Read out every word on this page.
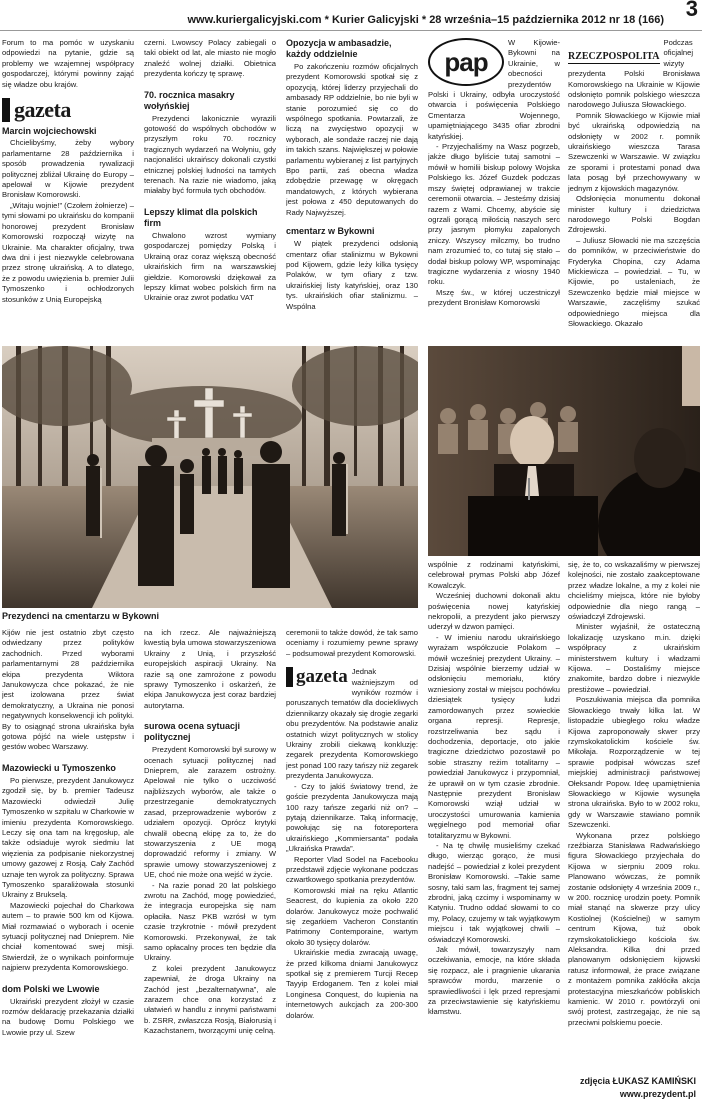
www.kuriergalicyjski.com * Kurier Galicyjski * 28 września–15 października 2012 nr 18 (166) 3

Forum to ma pomóc w uzyskaniu odpowiedzi na pytanie, gdzie są problemy we wzajemnej współpracy gospodarczej, którymi powinny zająć się władze obu krajów.

gazeta
Marcin wojciechowski

Chcielibyśmy, żeby wybory parlamentarne 28 października i sposób prowadzenia rywalizacji politycznej zbliżał Ukrainę do Europy – apelował w Kijowie prezydent Bronisław Komorowski.

„Witaju wojnie!” (Czołem żołnierze) – tymi słowami po ukraińsku do kompanii honorowej prezydent Bronisław Komorowski rozpoczął wizytę na Ukrainie. Ma charakter oficjalny, trwa dwa dni i jest niezwykle celebrowana przez stronę ukraińską. A to dlatego, że z powodu uwięzienia b. premier Julii Tymoszenko i ochłodzonych stosunków z Unią Europejską

czerni. Lwowscy Polacy zabiegali o taki obiekt od lat, ale miasto nie mogło znaleźć wolnej działki. Obietnica prezydenta kończy tę sprawę.

70. rocznica masakry wołyńskiej

Prezydenci lakonicznie wyrazili gotowość do wspólnych obchodów w przyszłym roku 70. rocznicy tragicznych wydarzeń na Wołyniu, gdy nacjonaliści ukraińscy dokonali czystki etnicznej polskiej ludności na tamtych terenach. Na razie nie wiadomo, jaką miałaby być formuła tych obchodów.

Lepszy klimat dla polskich firm

Chwalono wzrost wymiany gospodarczej pomiędzy Polską i Ukrainą oraz coraz większą obecność ukraińskich firm na warszawskiej giełdzie. Komorowski dziękował za lepszy klimat wobec polskich firm na Ukrainie oraz zwrot podatku VAT

Opozycja w ambasadzie, każdy oddzielnie

Po zakończeniu rozmów oficjalnych prezydent Komorowski spotkał się z opozycją, której liderzy przyjechali do ambasady RP oddzielnie, bo nie byli w stanie porozumieć się co do wspólnego spotkania. Powtarzali, że liczą na zwycięstwo opozycji w wyborach, ale sondaże raczej nie dają im takich szans. Największej w połowie parlamentu wybieranej z list partyjnych Bpo partii, zaś obecna władza zdobędzie przewagę w okręgach mandatowych, z których wybierana jest połowa z 450 deputowanych do Rady Najwyższej.

cmentarz w Bykowni

W piątek prezydenci odsłonią cmentarz ofiar stalinizmu w Bykowni pod Kijowem, gdzie leży kilka tysięcy Polaków, w tym ofiary z tzw. ukraińskiej listy katyńskiej, oraz 130 tys. ukraińskich ofiar stalinizmu. – Wspólna

pap

W Kijowie-Bykowni na Ukrainie, w obecności prezydentów Polski i Ukrainy, odbyła uroczystość otwarcia i poświęcenia Polskiego Cmentarza Wojennego, upamiętniającego 3435 ofiar zbrodni katyńskiej.

- Przyjechaliśmy na Wasz pogrzeb, jakże długo byliście tutaj samotni – mówił w homilii biskup polowy Wojska Polskiego ks. Józef Guzdek podczas mszy świętej odprawianej w trakcie ceremonii otwarcia. – Jesteśmy dzisiaj razem z Wami. Chcemy, abyście się ogrzali gorącą miłością naszych serc przy jasnym płomyku zapalonych zniczy. Wszyscy milczmy, bo trudno nam zrozumieć to, co tutaj się stało – dodał biskup polowy WP, wspominając tragiczne wydarzenia z wiosny 1940 roku.

Mszę św., w której uczestniczył prezydent Bronisław Komorowski

RZECZPOSPOLITA

Podczas oficjalnej wizyty prezydenta Polski Bronisława Komorowskiego na Ukrainie w Kijowie odsłonięto pomnik polskiego wieszcza narodowego Juliusza Słowackiego.

Pomnik Słowackiego w Kijowie miał być ukraińską odpowiedzią na odsłonięty w 2002 r. pomnik ukraińskiego wieszcza Tarasa Szewczenki w Warszawie. W związku ze sporami i protestami ponad dwa lata posąg był przechowywany w jednym z kijowskich magazynów.

Odsłonięcia monumentu dokonał minister kultury i dziedzictwa narodowego Polski Bogdan Zdrojewski.

– Juliusz Słowacki nie ma szczęścia do pomników, w przeciwieństwie do Fryderyka Chopina, czy Adama Mickiewicza – powiedział. – Tu, w Kijowie, po ustaleniach, że Szewczenko będzie miał miejsce w Warszawie, zaczęliśmy szukać odpowiedniego miejsca dla Słowackiego. Okazało

Prezydenci na cmentarzu w Bykowni

Kijów nie jest ostatnio zbyt często odwiedzany przez polityków zachodnich. Przed wyborami parlamentarnymi 28 października ekipa prezydenta Wiktora Janukowycza chce pokazać, że nie jest izolowana przez świat demokratyczny, a Ukraina nie ponosi negatywnych konsekwencji ich polityki. By to osiągnąć strona ukraińska była gotowa pójść na wiele ustępstw i gestów wobec Warszawy.

Mazowiecki u Tymoszenko

Po pierwsze, prezydent Janukowycz zgodził się, by b. premier Tadeusz Mazowiecki odwiedził Julię Tymoszenko w szpitalu w Charkowie w imieniu prezydenta Komorowskiego. Leczy się ona tam na kręgosłup, ale także odsiaduje wyrok siedmiu lat więzienia za podpisanie niekorzystnej umowy gazowej z Rosją. Cały Zachód uznaje ten wyrok za polityczny. Sprawa Tymoszenko sparaliżowała stosunki Ukrainy z Brukselą.

Mazowiecki pojechał do Charkowa autem – to prawie 500 km od Kijowa. Miał rozmawiać o wyborach i ocenie sytuacji politycznej nad Dnieprem. Nie chciał komentować swej misji. Stwierdził, że o wynikach poinformuje najpierw prezydenta Komorowskiego.

dom Polski we Lwowie

Ukraiński prezydent złożył w czasie rozmów deklarację przekazania działki na budowę Domu Polskiego we Lwowie przy ul. Szew

na ich rzecz. Ale najważniejszą kwestią była umowa stowarzyszeniowa Ukrainy z Unią, i przyszłość europejskich aspiracji Ukrainy. Na razie są one zamrożone z powodu sprawy Tymoszenko i oskarżeń, że ekipa Janukowycza jest coraz bardziej autorytarna.

surowa ocena sytuacji politycznej

Prezydent Komorowski był surowy w ocenach sytuacji politycznej nad Dnieprem, ale zarazem ostrożny. Apelował nie tylko o uczciwość najbliższych wyborów, ale także o przestrzeganie demokratycznych zasad, przeprowadzenie wyborów z udziałem opozycji. Oprócz krytyki chwalił obecną ekipę za to, że do stowarzyszenia z UE mogą doprowadzić reformy i zmiany. W sprawie umowy stowarzyszeniowej z UE, choć nie może ona wejść w życie.

- Na razie ponad 20 lat polskiego zwrotu na Zachód, mogę powiedzieć, że integracja europejska się nam opłaciła. Nasz PKB wzrósł w tym czasie trzykrotnie - mówił prezydent Komorowski. Przekonywał, że tak samo opłacalny proces ten będzie dla Ukrainy.

Z kolei prezydent Janukowycz zapewniał, że droga Ukrainy na Zachód jest „bezalternatywna”, ale zarazem chce ona korzystać z ułatwień w handlu z innymi państwami b. ZSRR, zwłaszcza Rosją, Białorusią i Kazachstanem, tworzącymi unię celną.

ceremonii to także dowód, że tak samo oceniamy i rozumiemy pewne sprawy – podsumował prezydent Komorowski.

gazeta Jednak ważniejszym od wyników rozmów i poruszanych tematów dla dociekliwych dziennikarzy okazały się drogie zegarki obu prezydentów. Na podstawie analiz ostatnich wizyt politycznych w stolicy Ukrainy zrobili ciekawą konkluzję: zegarek prezydenta Komorowskiego jest ponad 100 razy tańszy niż zegarek prezydenta Janukowycza.

- Czy to jakiś światowy trend, że goście prezydenta Janukowycza mają 100 razy tańsze zegarki niż on? – pytają dziennikarze. Taką informację, powołując się na fotoreportera ukraińskiego „Kommiersanta” podała „Ukraińska Prawda”.

Reporter Vlad Sodel na Facebooku przedstawił zdjęcie wykonane podczas czwartkowego spotkania prezydentów.

Komorowski miał na ręku Atlantic Seacrest, do kupienia za około 220 dolarów. Janukowycz może pochwalić się zegarkiem Vacheron Constantin Patrimony Contemporaine, wartym około 30 tysięcy dolarów.

Ukraińskie media zwracają uwagę, że przed kilkoma dniami Janukowycz spotkał się z premierem Turcji Recep Tayyip Erdoganem. Ten z kolei miał Longinesa Conquest, do kupienia na internetowych aukcjach za 200-300 dolarów.

wspólnie z rodzinami katyńskimi, celebrował prymas Polski abp Józef Kowalczyk.

Wcześniej duchowni dokonali aktu poświęcenia nowej katyńskiej nekropolii, a prezydent jako pierwszy uderzył w dzwon pamięci.

- W imieniu narodu ukraińskiego wyrażam współczucie Polakom – mówił wcześniej prezydent Ukrainy. – Dzisiaj wspólnie bierzemy udział w odsłonięciu memoriału, który wzniesiony został w miejscu pochówku dziesiątek tysięcy ludzi zamordowanych przez sowieckie organa represji. Represje, rozstrzeliwania bez sądu i dochodzenia, deportacje, oto jakie tragiczne dziedzictwo pozostawił po sobie straszny reżim totalitarny – powiedział Janukowycz i przypomniał, że uprawił on w tym czasie zbrodnie. Następnie prezydent Bronisław Komorowski wziął udział w uroczystości umurowania kamienia węgielnego pod memoriał ofiar totalitaryzmu w Bykowni.

- Na tę chwilę musieliśmy czekać długo, wierząc gorąco, że musi nadejść – powiedział z kolei prezydent Bronisław Komorowski. –Takie same sosny, taki sam las, fragment tej samej zbrodni, jaką czcimy i wspominamy w Katyniu. Trudno oddać słowami to co my, Polacy, czujemy w tak wyjątkowym miejscu i tak wyjątkowej chwili – oświadczył Komorowski.

Jak mówił, towarzyszyły nam oczekiwania, emocje, na które składa się rozpacz, ale i pragnienie ukarania sprawców mordu, marzenie o sprawiedliwości i lęk przed represjami za przeciwstawienie się katyńskiemu kłamstwu.

się, że to, co wskazaliśmy w pierwszej kolejności, nie zostało zaakceptowane przez władze lokalne, a my z kolei nie chcieliśmy miejsca, które nie byłoby odpowiednie dla niego rangą – oświadczył Zdrojewski.

Minister wyjaśnił, że ostateczną lokalizację uzyskano m.in. dzięki współpracy z ukraińskim ministerstwem kultury i władzami Kijowa. – Dostaliśmy miejsce znakomite, bardzo dobre i niezwykle prestiżowe – powiedział.

Poszukiwania miejsca dla pomnika Słowackiego trwały kilka lat. W listopadzie ubiegłego roku władze Kijowa zaproponowały skwer przy rzymskokatolickim kościele św. Mikołaja. Rozporządzenie w tej sprawie podpisał wówczas szef miejskiej administracji państwowej Ołeksandr Popow. Ideę upamiętnienia Słowackiego w Kijowie wysunęła strona ukraińska. Było to w 2002 roku, gdy w Warszawie stawiano pomnik Szewczenki.

Wykonana przez polskiego rzeźbiarza Stanisława Radwańskiego figura Słowackiego przyjechała do Kijowa w sierpniu 2009 roku. Planowano wówczas, że pomnik zostanie odsłonięty 4 września 2009 r., w 200. rocznicę urodzin poety. Pomnik miał stanąć na skwerze przy ulicy Kostiolnej (Kościelnej) w samym centrum Kijowa, tuż obok rzymskokatolickiego kościoła św. Aleksandra. Kilka dni przed planowanym odsłonięciem kijowski ratusz informował, że prace związane z montażem pomnika zakłóciła akcja protestacyjna mieszkańców pobliskich kamienic. W 2010 r. powtórzyli oni swój protest, zastrzegając, że nie są przeciwni polskiemu poecie.

zdjęcia ŁUKASZ KAMIŃSKI
www.prezydent.pl
